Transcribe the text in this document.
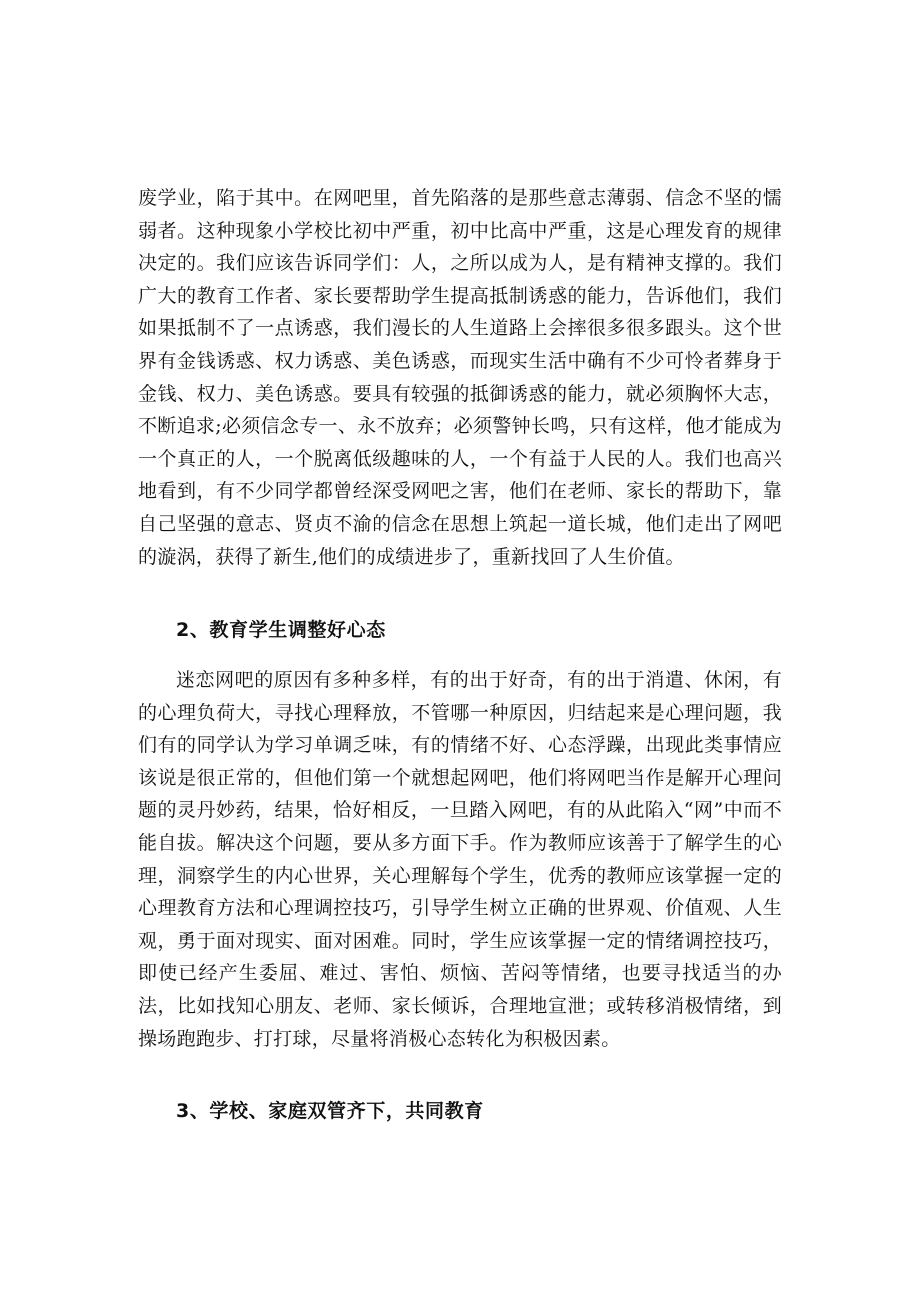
废学业，陷于其中。在网吧里，首先陷落的是那些意志薄弱、信念不坚的懦弱者。这种现象小学校比初中严重，初中比高中严重，这是心理发育的规律决定的。我们应该告诉同学们：人，之所以成为人，是有精神支撑的。我们广大的教育工作者、家长要帮助学生提高抵制诱惑的能力，告诉他们，我们如果抵制不了一点诱惑，我们漫长的人生道路上会摔很多很多跟头。这个世界有金钱诱惑、权力诱惑、美色诱惑，而现实生活中确有不少可怜者葬身于金钱、权力、美色诱惑。要具有较强的抵御诱惑的能力，就必须胸怀大志，不断追求;必须信念专一、永不放弃；必须警钟长鸣，只有这样，他才能成为一个真正的人，一个脱离低级趣味的人，一个有益于人民的人。我们也高兴地看到，有不少同学都曾经深受网吧之害，他们在老师、家长的帮助下，靠自己坚强的意志、贤贞不渝的信念在思想上筑起一道长城，他们走出了网吧的漩涡，获得了新生,他们的成绩进步了，重新找回了人生价值。

2、教育学生调整好心态

迷恋网吧的原因有多种多样，有的出于好奇，有的出于消遣、休闲，有的心理负荷大，寻找心理释放，不管哪一种原因，归结起来是心理问题，我们有的同学认为学习单调乏味，有的情绪不好、心态浮躁，出现此类事情应该说是很正常的，但他们第一个就想起网吧，他们将网吧当作是解开心理问题的灵丹妙药，结果，恰好相反，一旦踏入网吧，有的从此陷入“网”中而不能自拔。解决这个问题，要从多方面下手。作为教师应该善于了解学生的心理，洞察学生的内心世界，关心理解每个学生，优秀的教师应该掌握一定的心理教育方法和心理调控技巧，引导学生树立正确的世界观、价值观、人生观，勇于面对现实、面对困难。同时，学生应该掌握一定的情绪调控技巧，即使已经产生委屈、难过、害怕、烦恼、苦闷等情绪，也要寻找适当的办法，比如找知心朋友、老师、家长倾诉，合理地宣泄；或转移消极情绪，到操场跑跑步、打打球，尽量将消极心态转化为积极因素。

3、学校、家庭双管齐下，共同教育
